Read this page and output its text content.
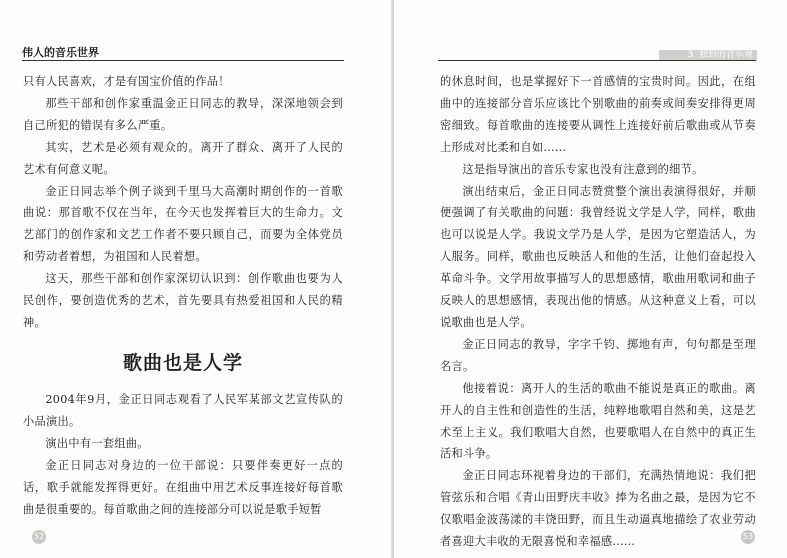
伟人的音乐世界

只有人民喜欢，才是有国宝价值的作品！

那些干部和创作家重温金正日同志的教导，深深地领会到自己所犯的错误有多么严重。

其实，艺术是必须有观众的。离开了群众、离开了人民的艺术有何意义呢。

金正日同志举个例子谈到千里马大高潮时期创作的一首歌曲说：那首歌不仅在当年，在今天也发挥着巨大的生命力。文艺部门的创作家和文艺工作者不要只顾自己，而要为全体党员和劳动者着想，为祖国和人民着想。

这天，那些干部和创作家深切认识到：创作歌曲也要为人民创作，要创造优秀的艺术，首先要具有热爱祖国和人民的精神。

歌曲也是人学

2004年9月，金正日同志观看了人民军某部文艺宣传队的小品演出。

演出中有一套组曲。

金正日同志对身边的一位干部说：只要伴奏更好一点的话，歌手就能发挥得更好。在组曲中用艺术反事连接好每首歌曲是很重要的。每首歌曲之间的连接部分可以说是歌手短暂

52
3. 独到的音乐观

的休息时间，也是掌握好下一首感情的宝贵时间。因此，在组曲中的连接部分音乐应该比个别歌曲的前奏或间奏安排得更周密细致。每首歌曲的连接要从调性上连接好前后歌曲或从节奏上形成对比柔和自如……

这是指导演出的音乐专家也没有注意到的细节。

演出结束后，金正日同志赞赏整个演出表演得很好，并顺便强调了有关歌曲的问题：我曾经说文学是人学，同样，歌曲也可以说是人学。我说文学乃是人学，是因为它塑造活人，为人服务。同样，歌曲也反映活人和他的生活，让他们奋起投入革命斗争。文学用故事描写人的思想感情，歌曲用歌词和曲子反映人的思想感情，表现出他的情感。从这种意义上看，可以说歌曲也是人学。

金正日同志的教导，字字千钧、掷地有声，句句都是至理名言。

他接着说：离开人的生活的歌曲不能说是真正的歌曲。离开人的自主性和创造性的生活，纯粹地歌唱自然和美，这是艺术至上主义。我们歌唱大自然，也要歌唱人在自然中的真正生活和斗争。

金正日同志环视着身边的干部们，充满热情地说：我们把管弦乐和合唱《青山田野庆丰收》捧为名曲之最，是因为它不仅歌唱金波荡漾的丰饶田野，而且生动逼真地描绘了农业劳动者喜迎大丰收的无限喜悦和幸福感……	53
